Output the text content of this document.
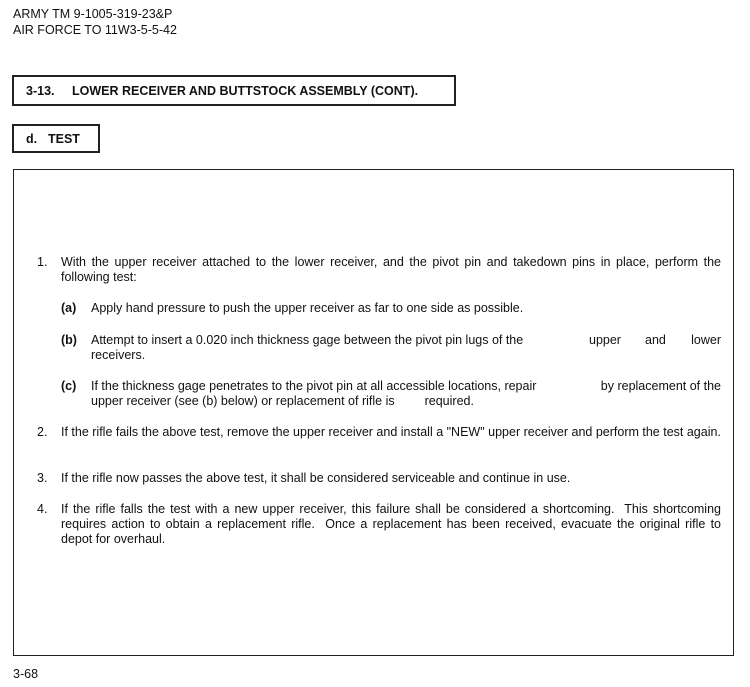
ARMY TM 9-1005-319-23&P
AIR FORCE TO 11W3-5-5-42
3-13. LOWER RECEIVER AND BUTTSTOCK ASSEMBLY (CONT).
d. TEST
1. With the upper receiver attached to the lower receiver, and the pivot pin and takedown pins in place, perform the following test:
(a) Apply hand pressure to push the upper receiver as far to one side as possible.
(b) Attempt to insert a 0.020 inch thickness gage between the pivot pin lugs of the	upper and lower
receivers.
(c) If the thickness gage penetrates to the pivot pin at all accessible locations, repair	by replacement of the
upper receiver (see (b) below) or replacement of rifle is required.
2. If the rifle fails the above test, remove the upper receiver and install a "NEW" upper receiver and perform the test again.
3. If the rifle now passes the above test, it shall be considered serviceable and continue in use.
4. If the rifle falls the test with a new upper receiver, this failure shall be considered a shortcoming.  This shortcoming requires action to obtain a replacement rifle.  Once a replacement has been received, evacuate the original rifle to depot for overhaul.
3-68
